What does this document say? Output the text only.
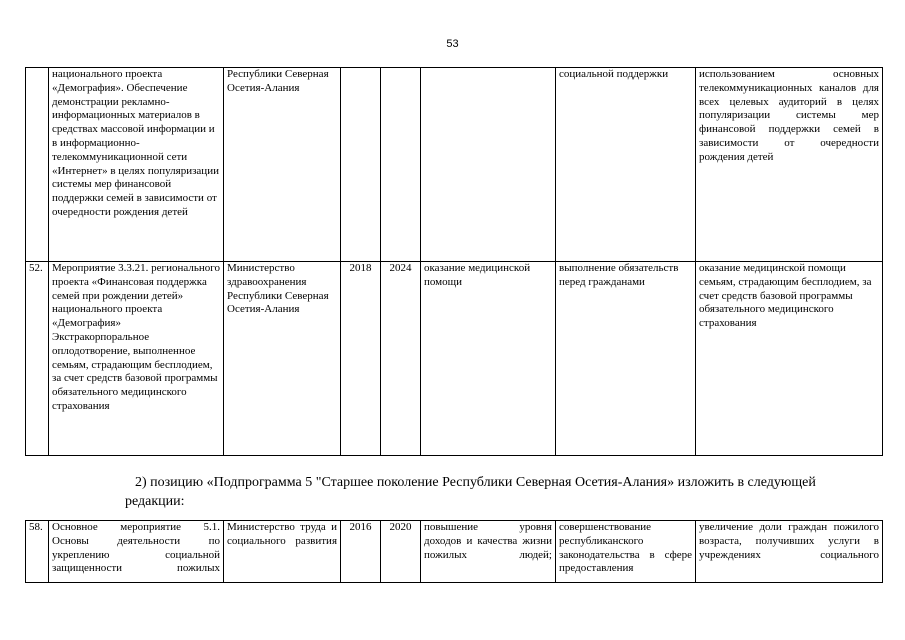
53
	национального проекта «Демография». Обеспечение демонстрации рекламно-информационных материалов в средствах массовой информации и в информационно-телекоммуникационной сети «Интернет» в целях популяризации системы мер финансовой поддержки семей в зависимости от очередности рождения детей	Республики Северная Осетия-Алания				социальной поддержки	использованием основных телекоммуникационных каналов для всех целевых аудиторий в целях популяризации системы мер финансовой поддержки семей в зависимости от очередности рождения детей
52.	Мероприятие 3.3.21. регионального проекта «Финансовая поддержка семей при рождении детей» национального проекта «Демография» Экстракорпоральное оплодотворение, выполненное семьям, страдающим бесплодием, за счет средств базовой программы обязательного медицинского страхования	Министерство здравоохранения Республики Северная Осетия-Алания	2018	2024	оказание медицинской помощи	выполнение обязательств перед гражданами	оказание медицинской помощи семьям, страдающим бесплодием, за счет средств базовой программы обязательного медицинского страхования
2) позицию «Подпрограмма 5 "Старшее поколение Республики Северная Осетия-Алания» изложить в следующей
редакции:
58.	Основное мероприятие 5.1. Основы деятельности по укреплению социальной защищенности пожилых	Министерство труда и социального развития	2016	2020	повышение уровня доходов и качества жизни пожилых людей;	совершенствование республиканского законодательства в сфере предоставления	увеличение доли граждан пожилого возраста, получивших услуги в учреждениях социального
